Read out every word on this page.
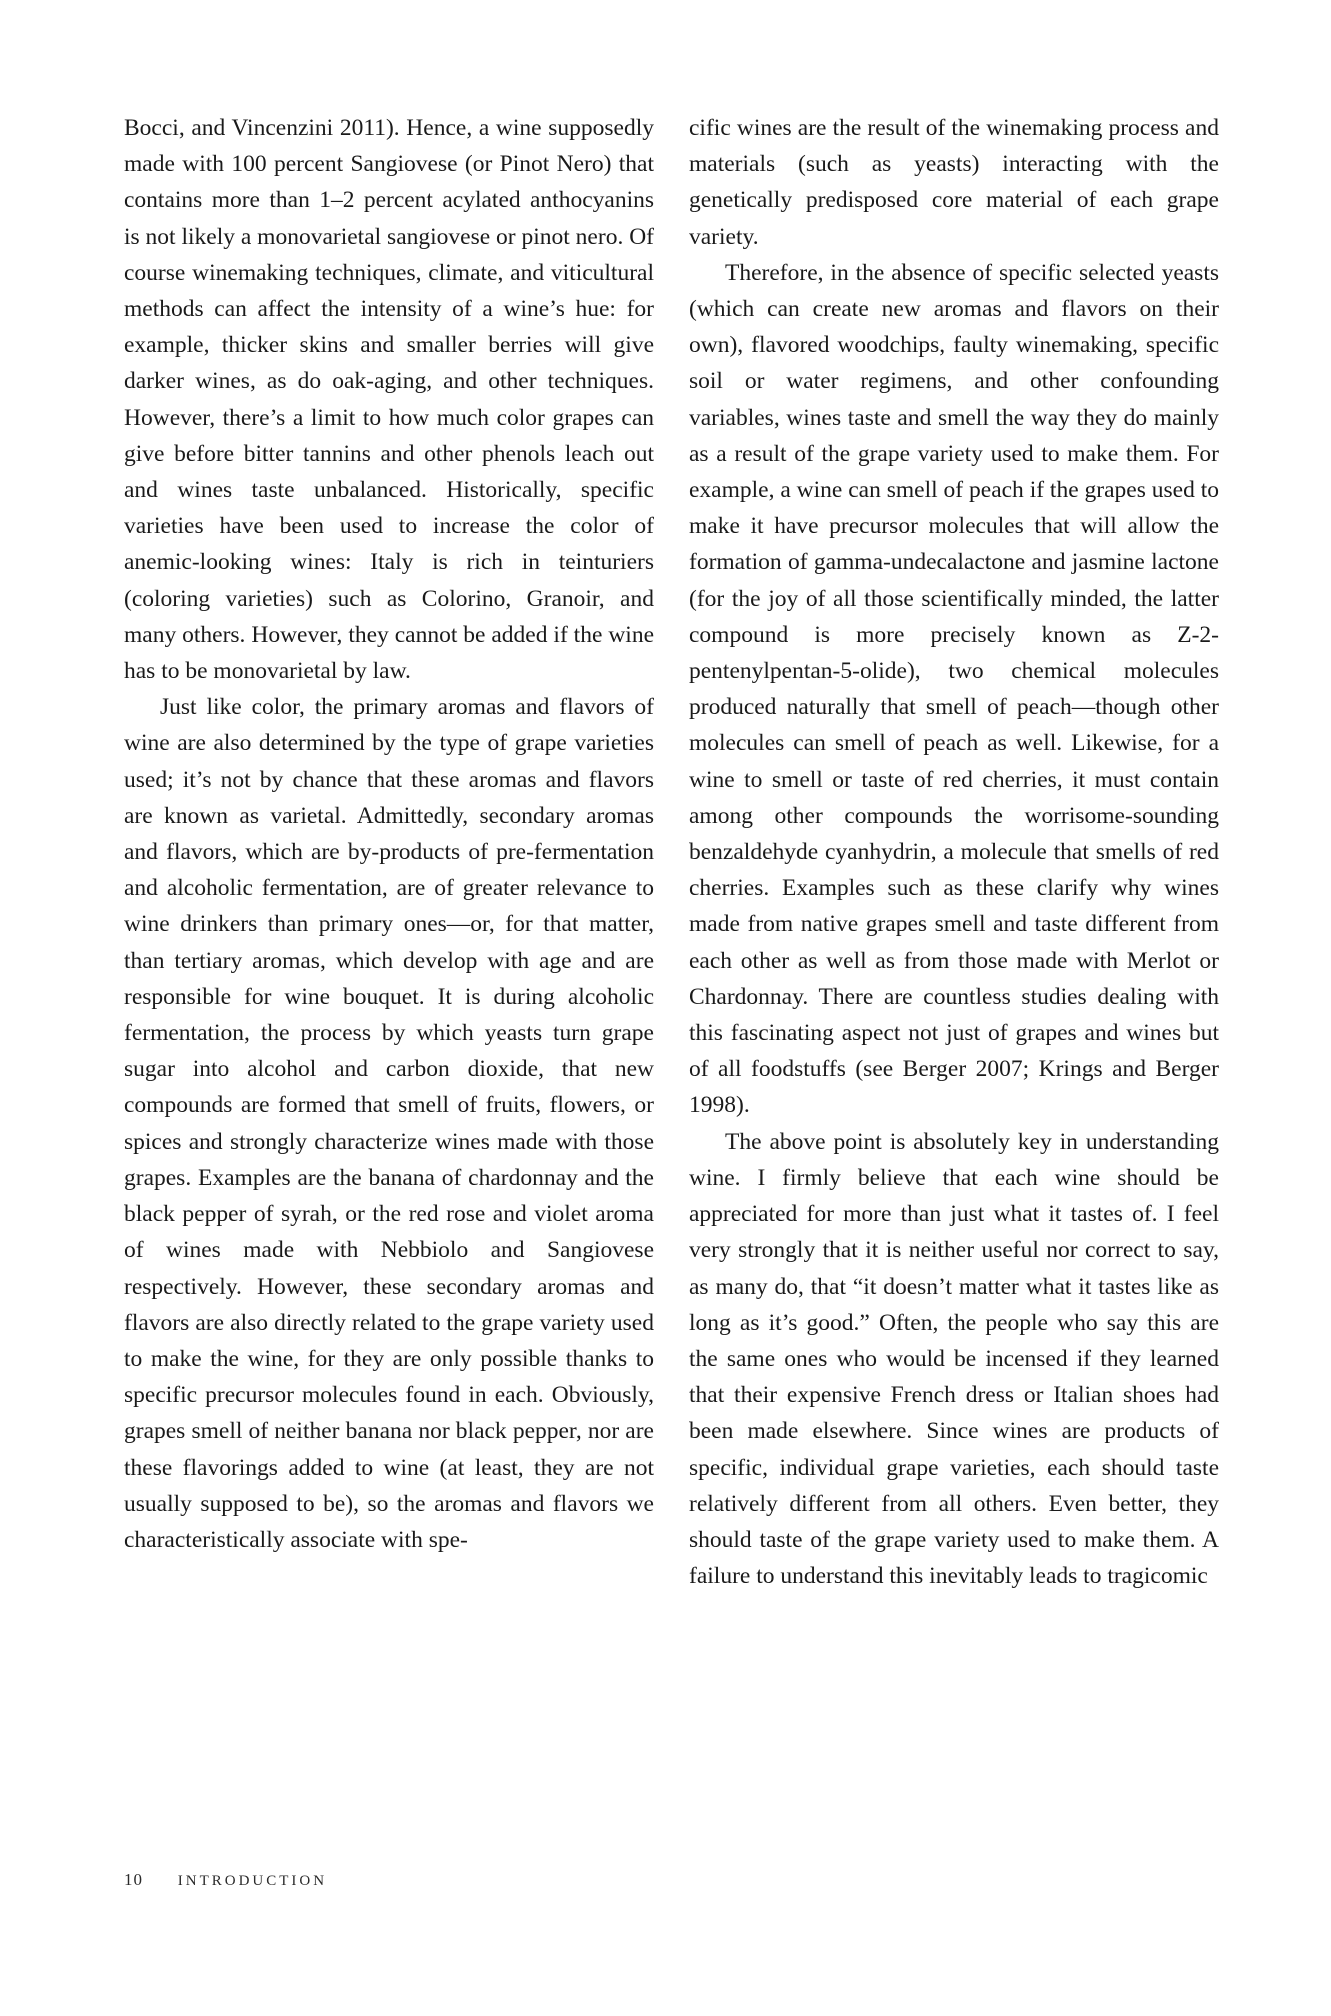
Bocci, and Vincenzini 2011). Hence, a wine supposedly made with 100 percent Sangiovese (or Pinot Nero) that contains more than 1–2 percent acylated anthocyanins is not likely a monovarietal sangiovese or pinot nero. Of course winemaking techniques, climate, and viticultural methods can affect the intensity of a wine’s hue: for example, thicker skins and smaller berries will give darker wines, as do oak-aging, and other techniques. However, there’s a limit to how much color grapes can give before bitter tannins and other phenols leach out and wines taste unbalanced. Historically, specific varieties have been used to increase the color of anemic-looking wines: Italy is rich in teinturiers (coloring varieties) such as Colorino, Granoir, and many others. However, they cannot be added if the wine has to be monovarietal by law.

Just like color, the primary aromas and flavors of wine are also determined by the type of grape varieties used; it’s not by chance that these aromas and flavors are known as varietal. Admittedly, secondary aromas and flavors, which are by-products of pre-fermentation and alcoholic fermentation, are of greater relevance to wine drinkers than primary ones—or, for that matter, than tertiary aromas, which develop with age and are responsible for wine bouquet. It is during alcoholic fermentation, the process by which yeasts turn grape sugar into alcohol and carbon dioxide, that new compounds are formed that smell of fruits, flowers, or spices and strongly characterize wines made with those grapes. Examples are the banana of chardonnay and the black pepper of syrah, or the red rose and violet aroma of wines made with Nebbiolo and Sangiovese respectively. However, these secondary aromas and flavors are also directly related to the grape variety used to make the wine, for they are only possible thanks to specific precursor molecules found in each. Obviously, grapes smell of neither banana nor black pepper, nor are these flavorings added to wine (at least, they are not usually supposed to be), so the aromas and flavors we characteristically associate with spe-

cific wines are the result of the winemaking process and materials (such as yeasts) interacting with the genetically predisposed core material of each grape variety.

Therefore, in the absence of specific selected yeasts (which can create new aromas and flavors on their own), flavored woodchips, faulty winemaking, specific soil or water regimens, and other confounding variables, wines taste and smell the way they do mainly as a result of the grape variety used to make them. For example, a wine can smell of peach if the grapes used to make it have precursor molecules that will allow the formation of gamma-undecalactone and jasmine lactone (for the joy of all those scientifically minded, the latter compound is more precisely known as Z-2-pentenylpentan-5-olide), two chemical molecules produced naturally that smell of peach—though other molecules can smell of peach as well. Likewise, for a wine to smell or taste of red cherries, it must contain among other compounds the worrisome-sounding benzaldehyde cyanhydrin, a molecule that smells of red cherries. Examples such as these clarify why wines made from native grapes smell and taste different from each other as well as from those made with Merlot or Chardonnay. There are countless studies dealing with this fascinating aspect not just of grapes and wines but of all foodstuffs (see Berger 2007; Krings and Berger 1998).

The above point is absolutely key in understanding wine. I firmly believe that each wine should be appreciated for more than just what it tastes of. I feel very strongly that it is neither useful nor correct to say, as many do, that “it doesn’t matter what it tastes like as long as it’s good.” Often, the people who say this are the same ones who would be incensed if they learned that their expensive French dress or Italian shoes had been made elsewhere. Since wines are products of specific, individual grape varieties, each should taste relatively different from all others. Even better, they should taste of the grape variety used to make them. A failure to understand this inevitably leads to tragicomic

10 INTRODUCTION
